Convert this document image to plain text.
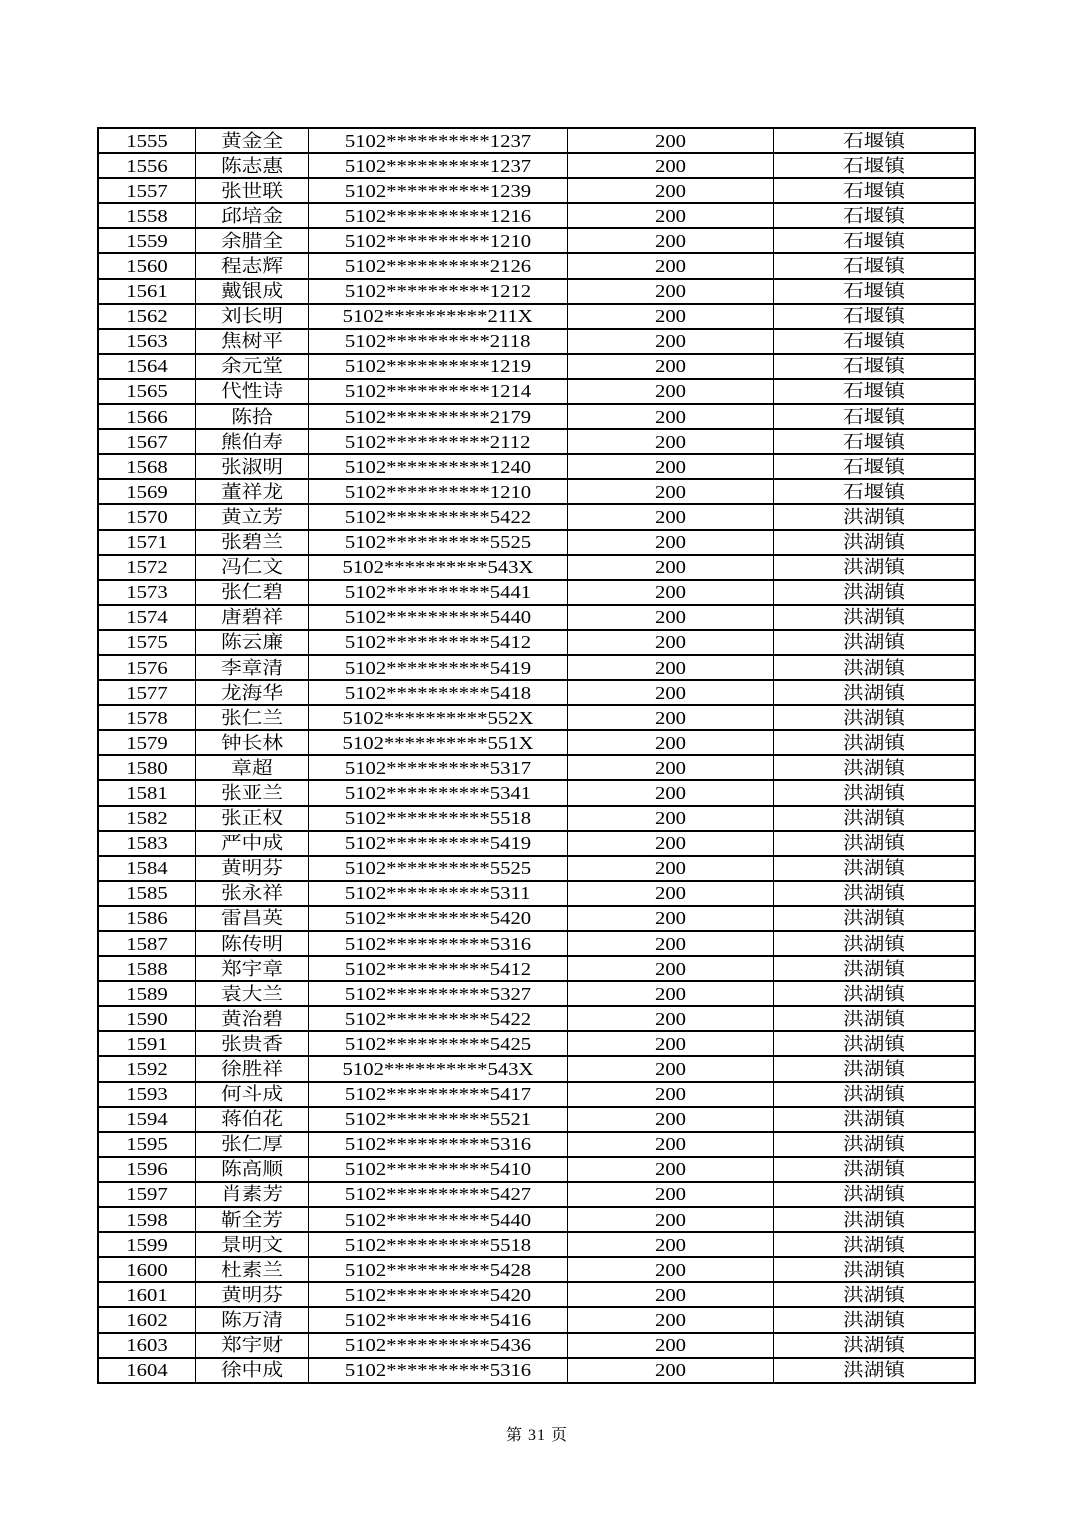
1555	黄金全	5102**********1237	200	石堰镇
1556	陈志惠	5102**********1237	200	石堰镇
1557	张世联	5102**********1239	200	石堰镇
1558	邱培金	5102**********1216	200	石堰镇
1559	余腊全	5102**********1210	200	石堰镇
1560	程志辉	5102**********2126	200	石堰镇
1561	戴银成	5102**********1212	200	石堰镇
1562	刘长明	5102**********211X	200	石堰镇
1563	焦树平	5102**********2118	200	石堰镇
1564	余元堂	5102**********1219	200	石堰镇
1565	代性诗	5102**********1214	200	石堰镇
1566	陈拾	5102**********2179	200	石堰镇
1567	熊伯寿	5102**********2112	200	石堰镇
1568	张淑明	5102**********1240	200	石堰镇
1569	董祥龙	5102**********1210	200	石堰镇
1570	黄立芳	5102**********5422	200	洪湖镇
1571	张碧兰	5102**********5525	200	洪湖镇
1572	冯仁文	5102**********543X	200	洪湖镇
1573	张仁碧	5102**********5441	200	洪湖镇
1574	唐碧祥	5102**********5440	200	洪湖镇
1575	陈云廉	5102**********5412	200	洪湖镇
1576	李章清	5102**********5419	200	洪湖镇
1577	龙海华	5102**********5418	200	洪湖镇
1578	张仁兰	5102**********552X	200	洪湖镇
1579	钟长林	5102**********551X	200	洪湖镇
1580	章超	5102**********5317	200	洪湖镇
1581	张亚兰	5102**********5341	200	洪湖镇
1582	张正权	5102**********5518	200	洪湖镇
1583	严中成	5102**********5419	200	洪湖镇
1584	黄明芬	5102**********5525	200	洪湖镇
1585	张永祥	5102**********5311	200	洪湖镇
1586	雷昌英	5102**********5420	200	洪湖镇
1587	陈传明	5102**********5316	200	洪湖镇
1588	郑宇章	5102**********5412	200	洪湖镇
1589	袁大兰	5102**********5327	200	洪湖镇
1590	黄治碧	5102**********5422	200	洪湖镇
1591	张贵香	5102**********5425	200	洪湖镇
1592	徐胜祥	5102**********543X	200	洪湖镇
1593	何斗成	5102**********5417	200	洪湖镇
1594	蒋伯花	5102**********5521	200	洪湖镇
1595	张仁厚	5102**********5316	200	洪湖镇
1596	陈高顺	5102**********5410	200	洪湖镇
1597	肖素芳	5102**********5427	200	洪湖镇
1598	靳全芳	5102**********5440	200	洪湖镇
1599	景明文	5102**********5518	200	洪湖镇
1600	杜素兰	5102**********5428	200	洪湖镇
1601	黄明芬	5102**********5420	200	洪湖镇
1602	陈万清	5102**********5416	200	洪湖镇
1603	郑宇财	5102**********5436	200	洪湖镇
1604	徐中成	5102**********5316	200	洪湖镇
第 31 页
